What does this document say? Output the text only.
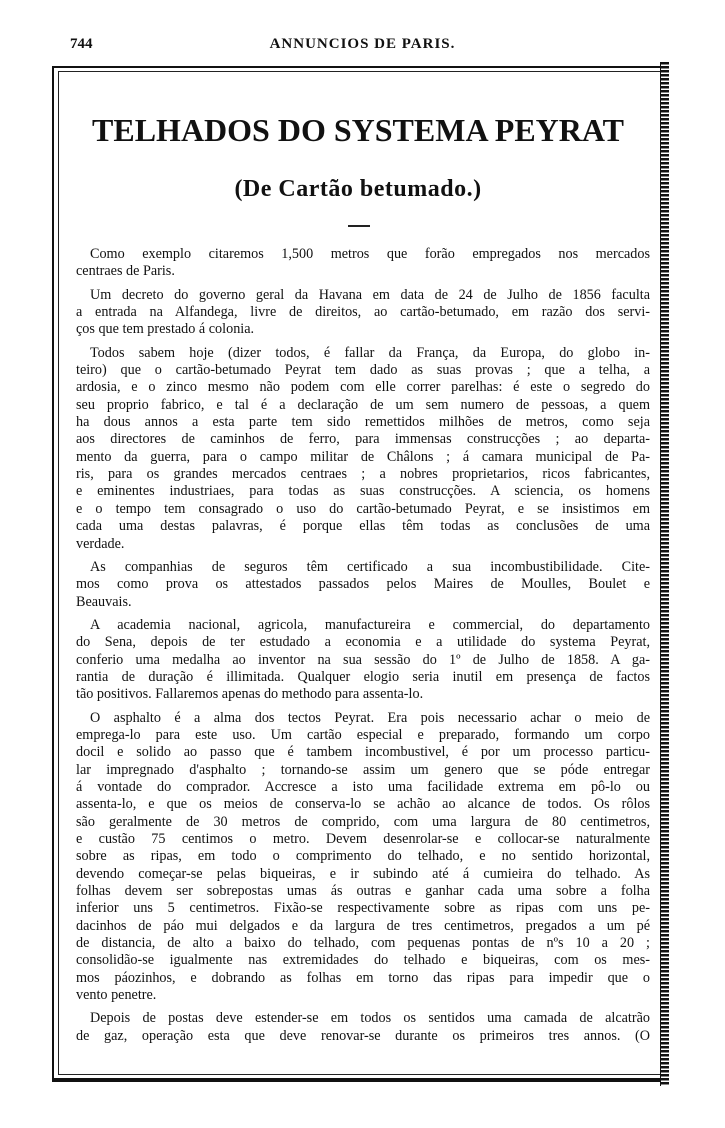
744	ANNUNCIOS DE PARIS.
TELHADOS DO SYSTEMA PEYRAT
(De Cartão betumado.)
Como exemplo citaremos 1,500 metros que forão empregados nos mercados
centraes de Paris.
Um decreto do governo geral da Havana em data de 24 de Julho de 1856 faculta
a entrada na Alfandega, livre de direitos, ao cartão-betumado, em razão dos servi-
ços que tem prestado á colonia.
Todos sabem hoje (dizer todos, é fallar da França, da Europa, do globo in-
teiro) que o cartão-betumado Peyrat tem dado as suas provas ; que a telha, a
ardosia, e o zinco mesmo não podem com elle correr parelhas: é este o segredo do
seu proprio fabrico, e tal é a declaração de um sem numero de pessoas, a quem
ha dous annos a esta parte tem sido remettidos milhões de metros, como seja
aos directores de caminhos de ferro, para immensas construcções ; ao departa-
mento da guerra, para o campo militar de Châlons ; á camara municipal de Pa-
ris, para os grandes mercados centraes ; a nobres proprietarios, ricos fabricantes,
e eminentes industriaes, para todas as suas construcções. A sciencia, os homens
e o tempo tem consagrado o uso do cartão-betumado Peyrat, e se insistimos em
cada uma destas palavras, é porque ellas têm todas as conclusões de uma
verdade.
As companhias de seguros têm certificado a sua incombustibilidade. Cite-
mos como prova os attestados passados pelos Maires de Moulles, Boulet e
Beauvais.
A academia nacional, agricola, manufactureira e commercial, do departamento
do Sena, depois de ter estudado a economia e a utilidade do systema Peyrat,
conferio uma medalha ao inventor na sua sessão do 1º de Julho de 1858. A ga-
rantia de duração é illimitada. Qualquer elogio seria inutil em presença de factos
tão positivos. Fallaremos apenas do methodo para assenta-lo.
O asphalto é a alma dos tectos Peyrat. Era pois necessario achar o meio de
emprega-lo para este uso. Um cartão especial e preparado, formando um corpo
docil e solido ao passo que é tambem incombustivel, é por um processo particu-
lar impregnado d'asphalto ; tornando-se assim um genero que se póde entregar
á vontade do comprador. Accresce a isto uma facilidade extrema em pô-lo ou
assenta-lo, e que os meios de conserva-lo se achão ao alcance de todos. Os rôlos
são geralmente de 30 metros de comprido, com uma largura de 80 centimetros,
e custão 75 centimos o metro. Devem desenrolar-se e collocar-se naturalmente
sobre as ripas, em todo o comprimento do telhado, e no sentido horizontal,
devendo começar-se pelas biqueiras, e ir subindo até á cumieira do telhado. As
folhas devem ser sobrepostas umas ás outras e ganhar cada uma sobre a folha
inferior uns 5 centimetros. Fixão-se respectivamente sobre as ripas com uns pe-
dacinhos de páo mui delgados e da largura de tres centimetros, pregados a um pé
de distancia, de alto a baixo do telhado, com pequenas pontas de nºs 10 a 20 ;
consolidão-se igualmente nas extremidades do telhado e biqueiras, com os mes-
mos páozinhos, e dobrando as folhas em torno das ripas para impedir que o
vento penetre.
Depois de postas deve estender-se em todos os sentidos uma camada de alcatrão
de gaz, operação esta que deve renovar-se durante os primeiros tres annos. (O
